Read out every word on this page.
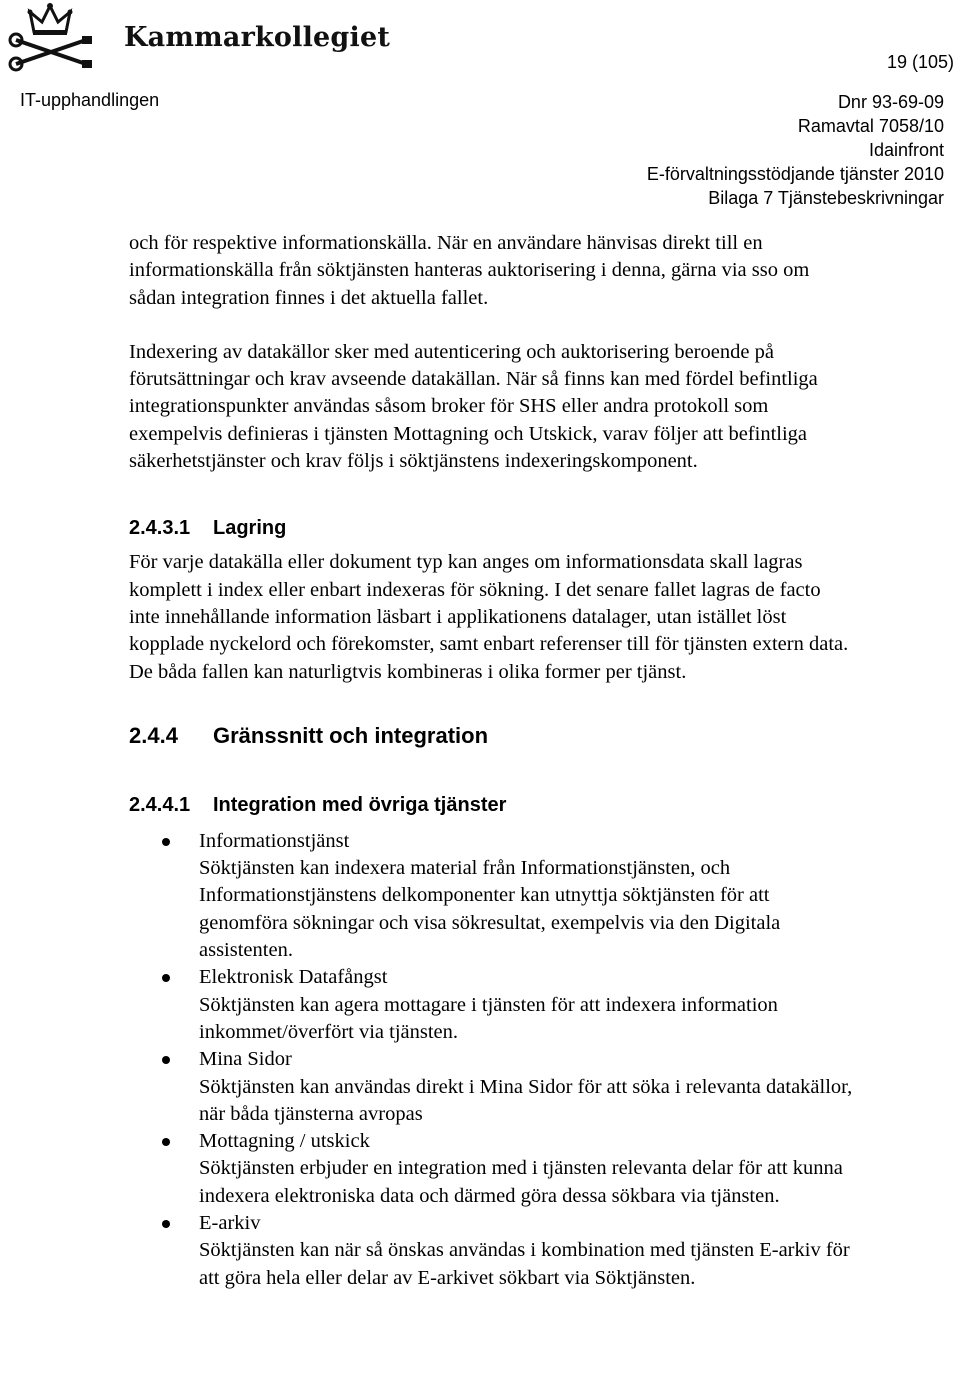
Kammarkollegiet
19 (105)
IT-upphandlingen	Dnr 93-69-09
Ramavtal 7058/10
Idainfront
E-förvaltningsstödjande tjänster 2010
Bilaga 7 Tjänstebeskrivningar

och för respektive informationskälla. När en användare hänvisas direkt till en informationskälla från söktjänsten hanteras auktorisering i denna, gärna via sso om sådan integration finnes i det aktuella fallet.

Indexering av datakällor sker med autenticering och auktorisering beroende på förutsättningar och krav avseende datakällan. När så finns kan med fördel befintliga integrationspunkter användas såsom broker för SHS eller andra protokoll som exempelvis definieras i tjänsten Mottagning och Utskick, varav följer att befintliga säkerhetstjänster och krav följs i söktjänstens indexeringskomponent.

2.4.3.1 Lagring

För varje datakälla eller dokument typ kan anges om informationsdata skall lagras komplett i index eller enbart indexeras för sökning. I det senare fallet lagras de facto inte innehållande information läsbart i applikationens datalager, utan istället löst kopplade nyckelord och förekomster, samt enbart referenser till för tjänsten extern data. De båda fallen kan naturligtvis kombineras i olika former per tjänst.

2.4.4 Gränssnitt och integration
2.4.4.1 Integration med övriga tjänster

Informationstjänst

Söktjänsten kan indexera material från Informationstjänsten, och Informationstjänstens delkomponenter kan utnyttja söktjänsten för att genomföra sökningar och visa sökresultat, exempelvis via den Digitala assistenten.

Elektronisk Datafångst

Söktjänsten kan agera mottagare i tjänsten för att indexera information inkommet/överfört via tjänsten.

Mina Sidor

Söktjänsten kan användas direkt i Mina Sidor för att söka i relevanta datakällor, när båda tjänsterna avropas

Mottagning / utskick

Söktjänsten erbjuder en integration med i tjänsten relevanta delar för att kunna indexera elektroniska data och därmed göra dessa sökbara via tjänsten.

E-arkiv

Söktjänsten kan när så önskas användas i kombination med tjänsten E-arkiv för att göra hela eller delar av E-arkivet sökbart via Söktjänsten.
